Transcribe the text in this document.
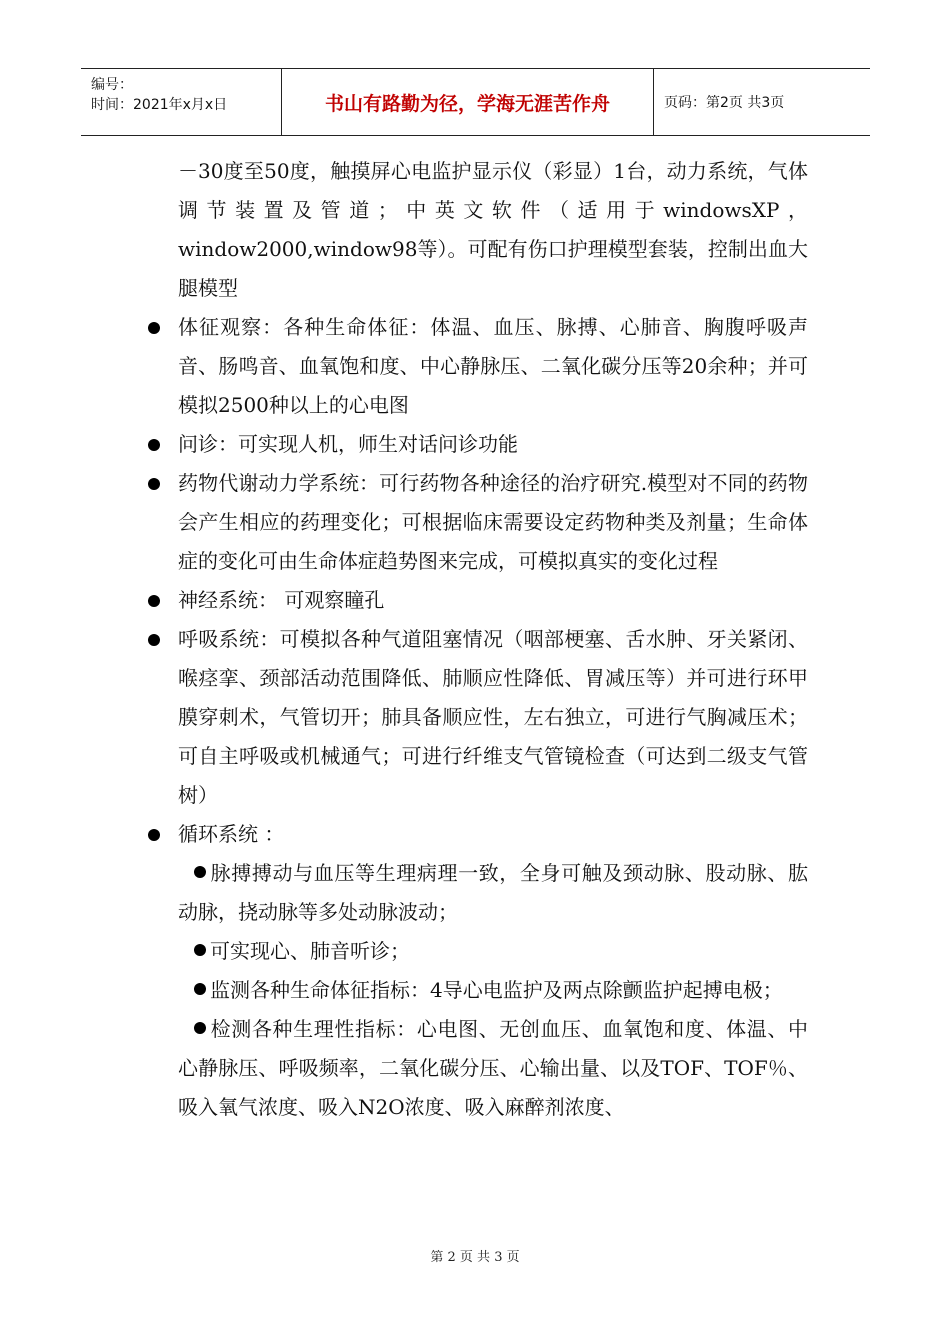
编号：
时间：2021年x月x日	书山有路勤为径，学海无涯苦作舟	页码：第2页 共3页
－30度至50度，触摸屏心电监护显示仪（彩显）1台，动力系统，气体调节装置及管道；中英文软件（适用于windowsXP，window2000,window98等）。可配有伤口护理模型套装，控制出血大腿模型
体征观察：各种生命体征：体温、血压、脉搏、心肺音、胸腹呼吸声音、肠鸣音、血氧饱和度、中心静脉压、二氧化碳分压等20余种；并可模拟2500种以上的心电图
问诊：可实现人机，师生对话问诊功能
药物代谢动力学系统：可行药物各种途径的治疗研究.模型对不同的药物会产生相应的药理变化；可根据临床需要设定药物种类及剂量；生命体症的变化可由生命体症趋势图来完成，可模拟真实的变化过程
神经系统： 可观察瞳孔
呼吸系统：可模拟各种气道阻塞情况（咽部梗塞、舌水肿、牙关紧闭、喉痉挛、颈部活动范围降低、肺顺应性降低、胃减压等）并可进行环甲膜穿刺术，气管切开；肺具备顺应性，左右独立，可进行气胸减压术；可自主呼吸或机械通气；可进行纤维支气管镜检查（可达到二级支气管树）
循环系统 ：
脉搏搏动与血压等生理病理一致，全身可触及颈动脉、股动脉、肱动脉，挠动脉等多处动脉波动；
可实现心、肺音听诊；
监测各种生命体征指标：4导心电监护及两点除颤监护起搏电极；
检测各种生理性指标：心电图、无创血压、血氧饱和度、体温、中心静脉压、呼吸频率，二氧化碳分压、心输出量、以及TOF、TOF％、吸入氧气浓度、吸入N2O浓度、吸入麻醉剂浓度、
第 2 页 共 3 页
